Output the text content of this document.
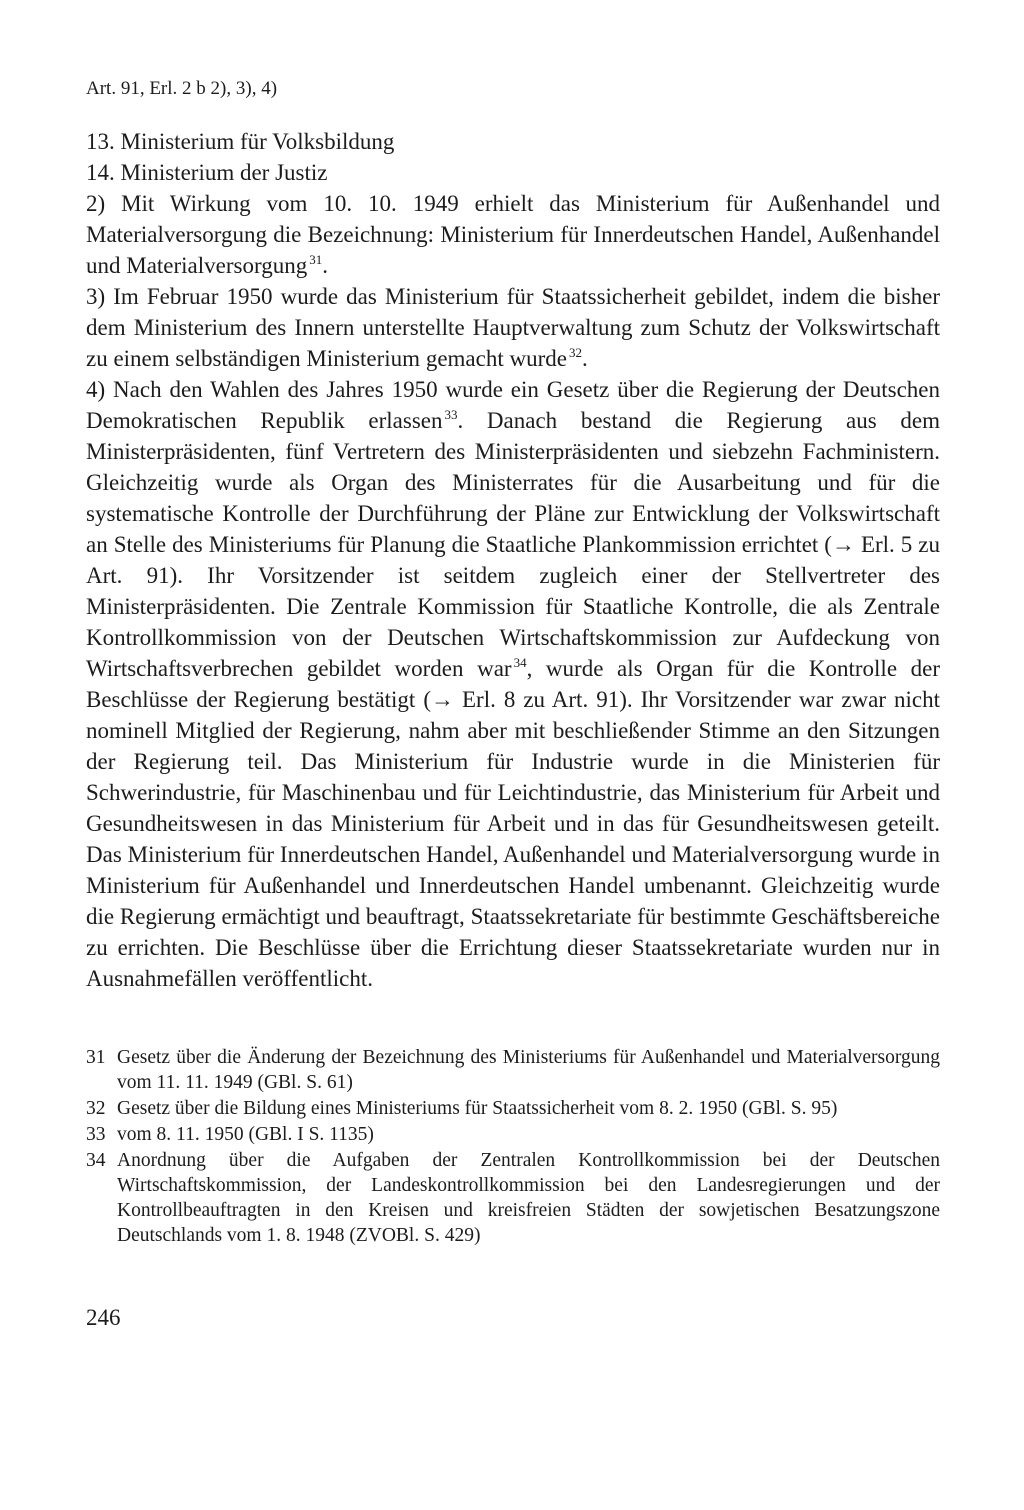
Art. 91, Erl. 2 b 2), 3), 4)

13. Ministerium für Volksbildung

14. Ministerium der Justiz

2) Mit Wirkung vom 10. 10. 1949 erhielt das Ministerium für Außenhandel und Materialversorgung die Bezeichnung: Ministerium für Innerdeutschen Handel, Außenhandel und Materialversorgung $^{31}$.

3) Im Februar 1950 wurde das Ministerium für Staatssicherheit gebildet, indem die bisher dem Ministerium des Innern unterstellte Hauptverwaltung zum Schutz der Volkswirtschaft zu einem selbständigen Ministerium gemacht wurde $^{32}$.

4) Nach den Wahlen des Jahres 1950 wurde ein Gesetz über die Regierung der Deutschen Demokratischen Republik erlassen $^{33}$. Danach bestand die Regierung aus dem Ministerpräsidenten, fünf Vertretern des Ministerpräsidenten und siebzehn Fachministern. Gleichzeitig wurde als Organ des Ministerrates für die Ausarbeitung und für die systematische Kontrolle der Durchführung der Pläne zur Entwicklung der Volkswirtschaft an Stelle des Ministeriums für Planung die Staatliche Plankommission errichtet (→ Erl. 5 zu Art. 91). Ihr Vorsitzender ist seitdem zugleich einer der Stellvertreter des Ministerpräsidenten. Die Zentrale Kommission für Staatliche Kontrolle, die als Zentrale Kontrollkommission von der Deutschen Wirtschaftskommission zur Aufdeckung von Wirtschaftsverbrechen gebildet worden war $^{34}$, wurde als Organ für die Kontrolle der Beschlüsse der Regierung bestätigt (→ Erl. 8 zu Art. 91). Ihr Vorsitzender war zwar nicht nominell Mitglied der Regierung, nahm aber mit beschließender Stimme an den Sitzungen der Regierung teil. Das Ministerium für Industrie wurde in die Ministerien für Schwerindustrie, für Maschinenbau und für Leichtindustrie, das Ministerium für Arbeit und Gesundheitswesen in das Ministerium für Arbeit und in das für Gesundheitswesen geteilt. Das Ministerium für Innerdeutschen Handel, Außenhandel und Materialversorgung wurde in Ministerium für Außenhandel und Innerdeutschen Handel umbenannt. Gleichzeitig wurde die Regierung ermächtigt und beauftragt, Staatssekretariate für bestimmte Geschäftsbereiche zu errichten. Die Beschlüsse über die Errichtung dieser Staatssekretariate wurden nur in Ausnahmefällen veröffentlicht.

31 Gesetz über die Änderung der Bezeichnung des Ministeriums für Außenhandel und Materialversorgung vom 11. 11. 1949 (GBl. S. 61)
32 Gesetz über die Bildung eines Ministeriums für Staatssicherheit vom 8. 2. 1950 (GBl. S. 95)
33 vom 8. 11. 1950 (GBl. I S. 1135)
34 Anordnung über die Aufgaben der Zentralen Kontrollkommission bei der Deutschen Wirtschaftskommission, der Landeskontrollkommission bei den Landesregierungen und der Kontrollbeauftragten in den Kreisen und kreisfreien Städten der sowjetischen Besatzungszone Deutschlands vom 1. 8. 1948 (ZVOBl. S. 429)
246
